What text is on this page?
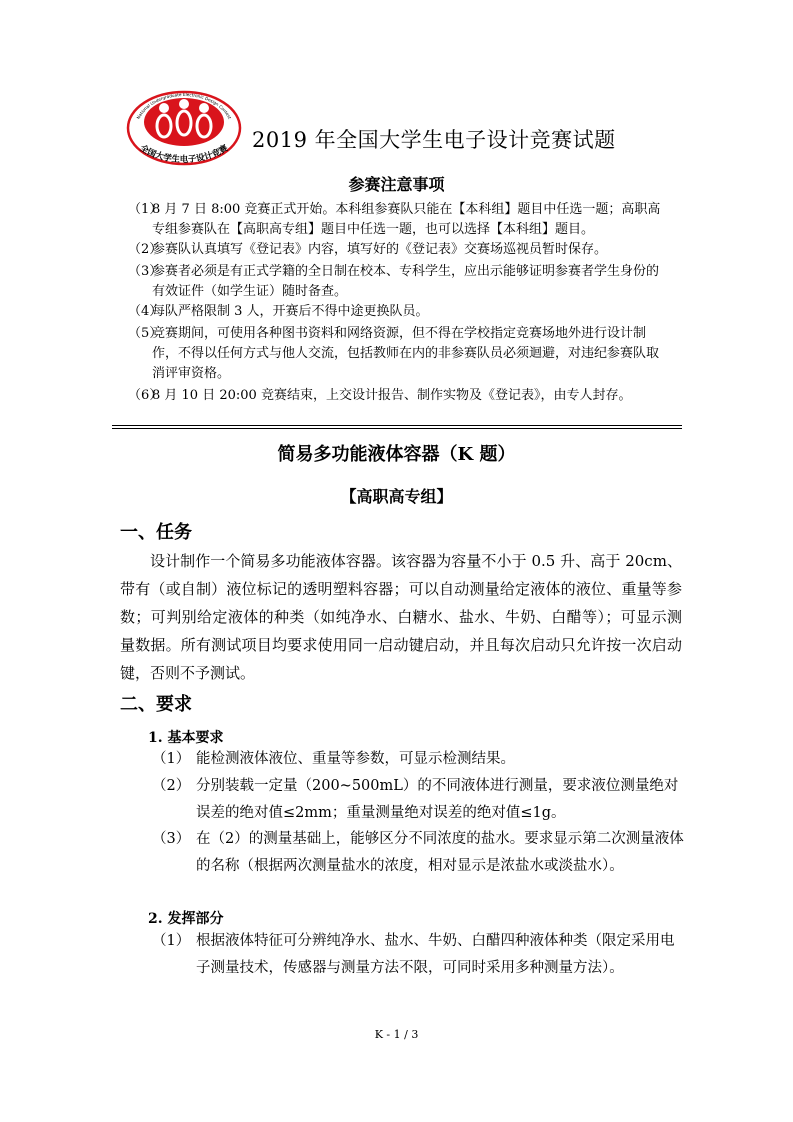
全国大学生电子设计竞赛
National Undergraduate Electronic Design Contest
2019 年全国大学生电子设计竞赛试题
参赛注意事项
（1）
8 月 7 日 8:00 竞赛正式开始。本科组参赛队只能在【本科组】题目中任选一题；高职高专组参赛队在【高职高专组】题目中任选一题，也可以选择【本科组】题目。
（2）
参赛队认真填写《登记表》内容，填写好的《登记表》交赛场巡视员暂时保存。
（3）
参赛者必须是有正式学籍的全日制在校本、专科学生，应出示能够证明参赛者学生身份的有效证件（如学生证）随时备查。
（4）
每队严格限制 3 人，开赛后不得中途更换队员。
（5）
竞赛期间，可使用各种图书资料和网络资源，但不得在学校指定竞赛场地外进行设计制作，不得以任何方式与他人交流，包括教师在内的非参赛队员必须迴避，对违纪参赛队取消评审资格。
（6）
8 月 10 日 20:00 竞赛结束，上交设计报告、制作实物及《登记表》，由专人封存。
简易多功能液体容器（K 题）
【高职高专组】
一、任务
设计制作一个简易多功能液体容器。该容器为容量不小于 0.5 升、高于 20cm、带有（或自制）液位标记的透明塑料容器；可以自动测量给定液体的液位、重量等参数；可判别给定液体的种类（如纯净水、白糖水、盐水、牛奶、白醋等）；可显示测量数据。所有测试项目均要求使用同一启动键启动，并且每次启动只允许按一次启动键，否则不予测试。
二、要求
1. 基本要求
（1） 能检测液体液位、重量等参数，可显示检测结果。
（2） 分别装载一定量（200~500mL）的不同液体进行测量，要求液位测量绝对误差的绝对值≤2mm；重量测量绝对误差的绝对值≤1g。
（3） 在（2）的测量基础上，能够区分不同浓度的盐水。要求显示第二次测量液体的名称（根据两次测量盐水的浓度，相对显示是浓盐水或淡盐水）。
2. 发挥部分
（1） 根据液体特征可分辨纯净水、盐水、牛奶、白醋四种液体种类（限定采用电子测量技术，传感器与测量方法不限，可同时采用多种测量方法）。
K - 1 / 3
